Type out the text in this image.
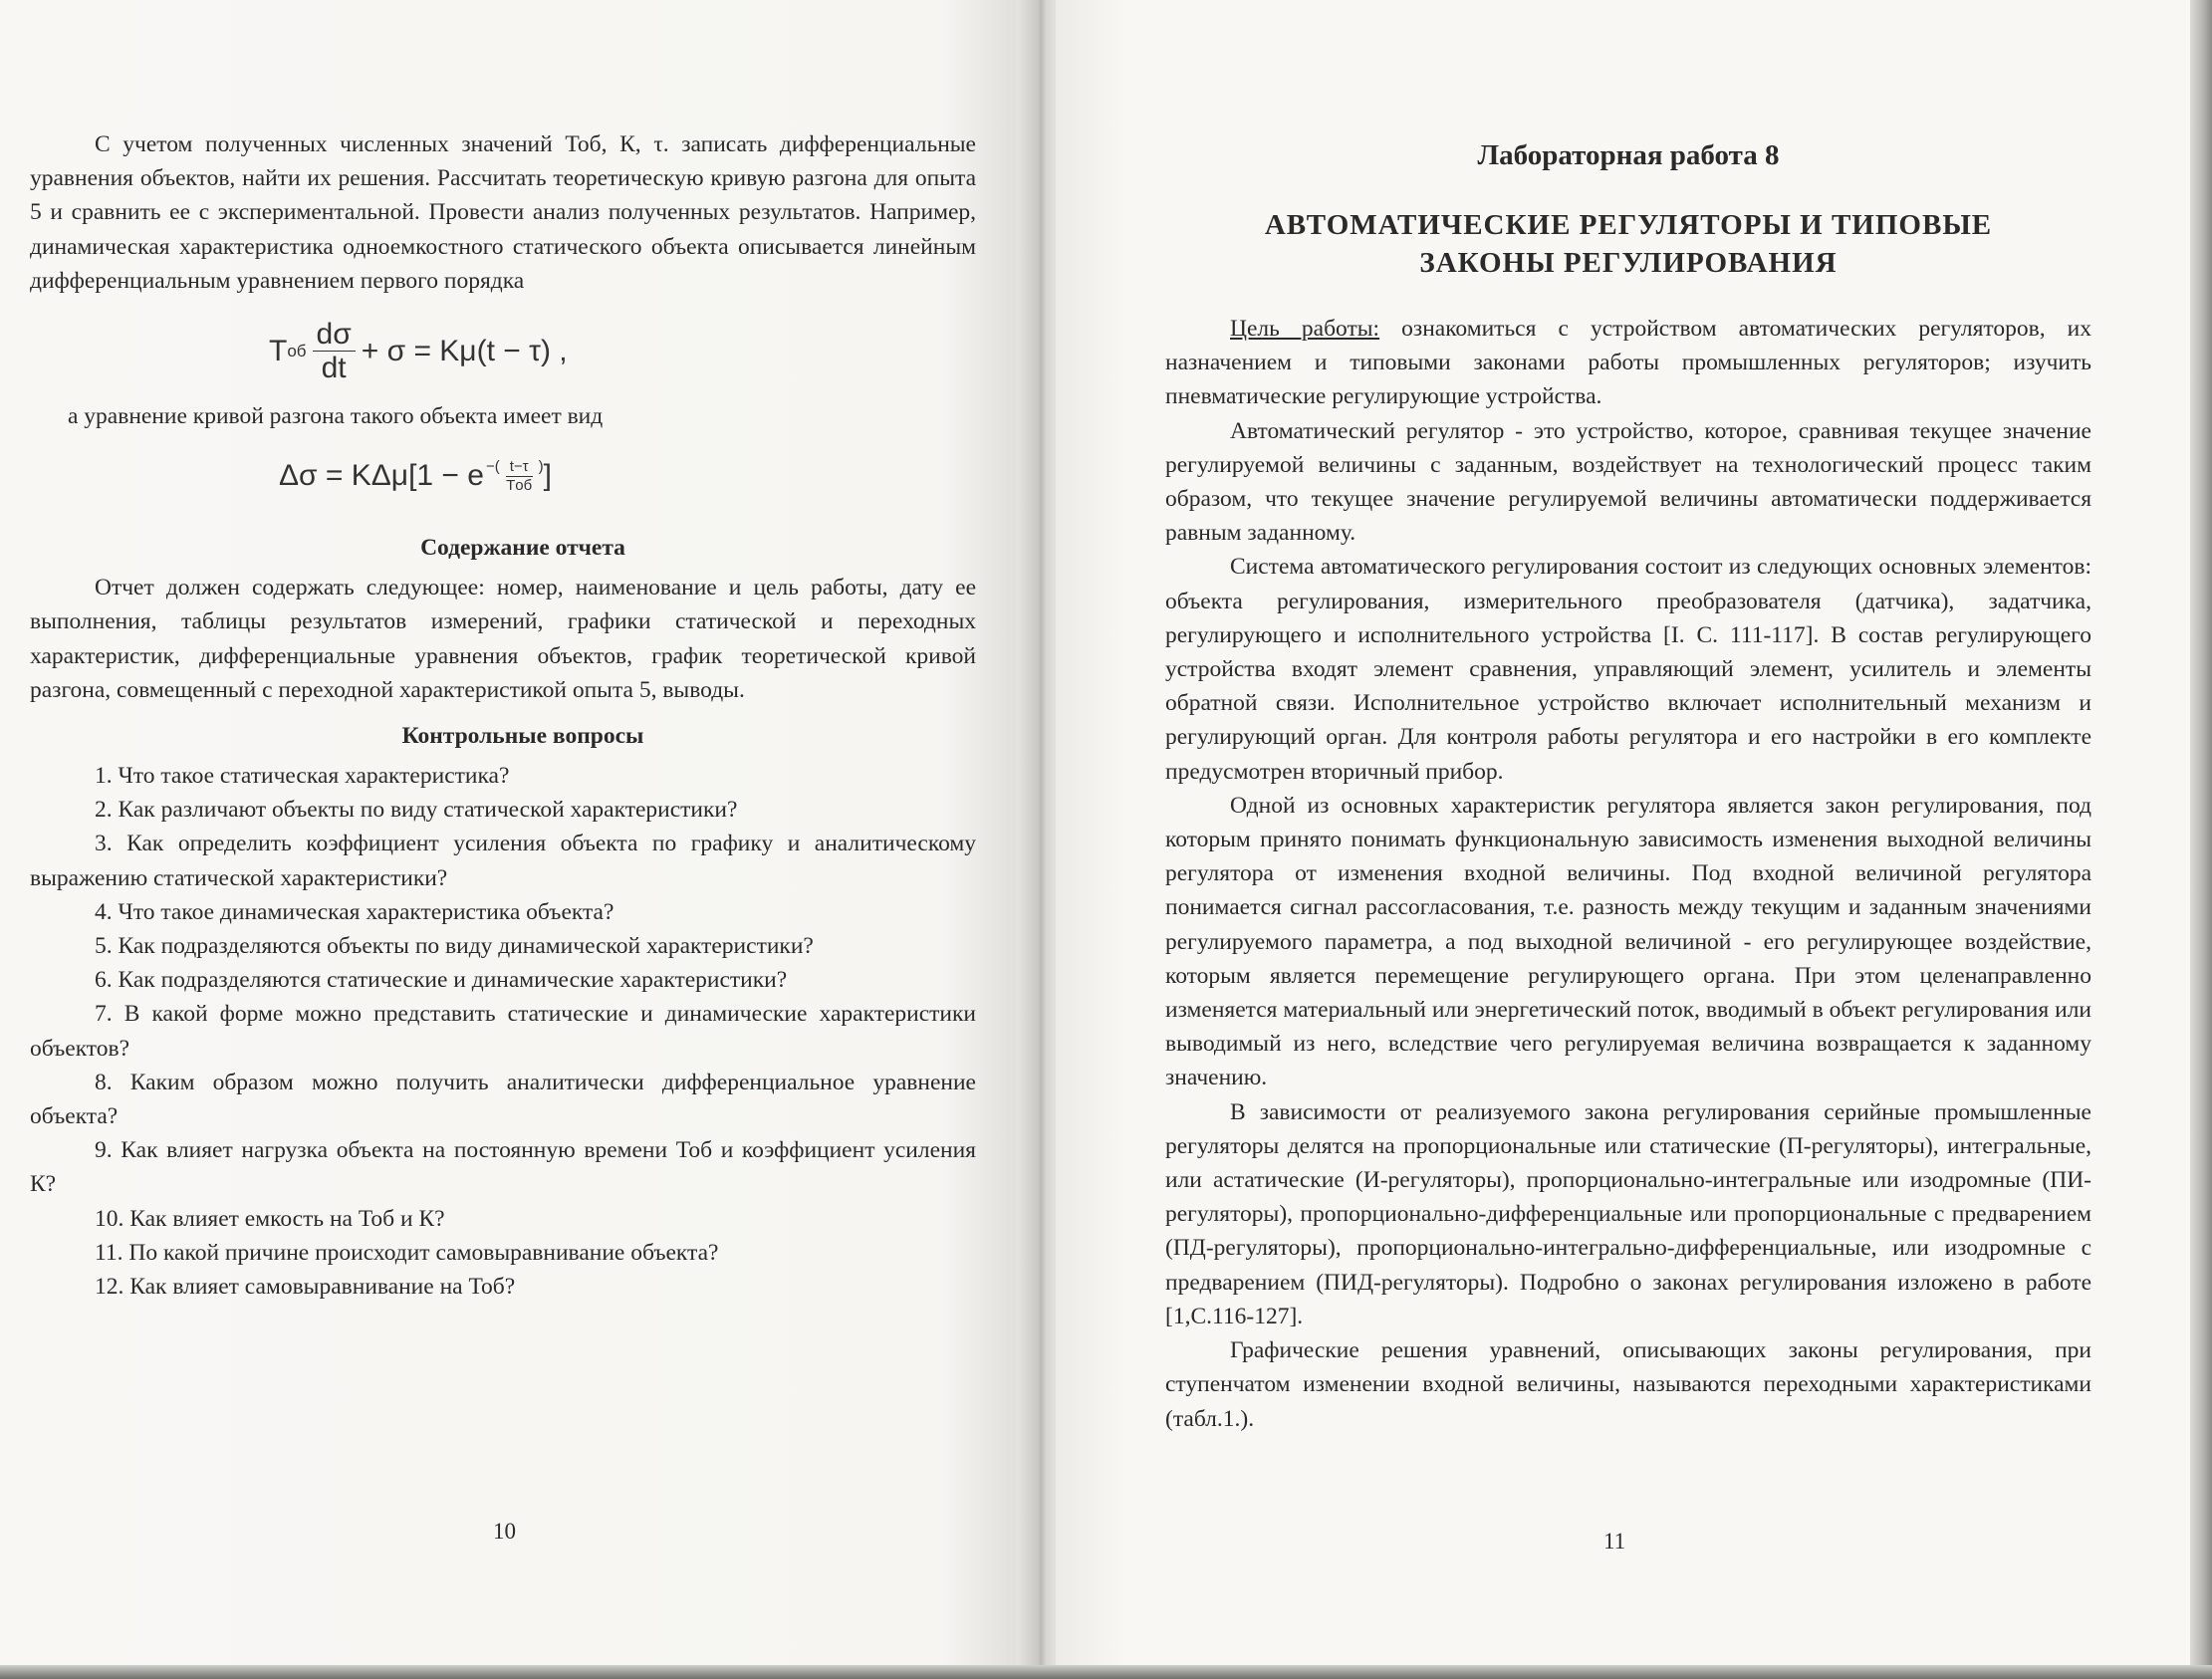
С учетом полученных численных значений Тоб, К, τ. записать дифференциальные уравнения объектов, найти их решения. Рассчитать теоретическую кривую разгона для опыта 5 и сравнить ее с экспериментальной. Провести анализ полученных результатов. Например, динамическая характеристика одноемкостного статического объекта описывается линейным дифференциальным уравнением первого порядка

T об $\frac{d\sigma}{dt} + \sigma = K\mu(t - \tau)$ ,

а уравнение кривой разгона такого объекта имеет вид

Δσ = KΔμ[1 − e −( $\frac{t-\tau}{\text{Tоб}}$ ) ]
Содержание отчета

Отчет должен содержать следующее: номер, наименование и цель работы, дату ее выполнения, таблицы результатов измерений, графики статической и переходных характеристик, дифференциальные уравнения объектов, график теоретической кривой разгона, совмещенный с переходной характеристикой опыта 5, выводы.

Контрольные вопросы

1. Что такое статическая характеристика?

2. Как различают объекты по виду статической характеристики?

3. Как определить коэффициент усиления объекта по графику и аналитическому выражению статической характеристики?

4. Что такое динамическая характеристика объекта?

5. Как подразделяются объекты по виду динамической характеристики?

6. Как подразделяются статические и динамические характеристики?

7. В какой форме можно представить статические и динамические характеристики объектов?

8. Каким образом можно получить аналитически дифференциальное уравнение объекта?

9. Как влияет нагрузка объекта на постоянную времени Тоб и коэффициент усиления К?

10. Как влияет емкость на Тоб и К?

11. По какой причине происходит самовыравнивание объекта?

12. Как влияет самовыравнивание на Тоб?

10
Лабораторная работа 8
АВТОМАТИЧЕСКИЕ РЕГУЛЯТОРЫ И ТИПОВЫЕ
ЗАКОНЫ РЕГУЛИРОВАНИЯ

Цель работы: ознакомиться с устройством автоматических регуляторов, их назначением и типовыми законами работы промышленных регуляторов; изучить пневматические регулирующие устройства.

Автоматический регулятор - это устройство, которое, сравнивая текущее значение регулируемой величины с заданным, воздействует на технологический процесс таким образом, что текущее значение регулируемой величины автоматически поддерживается равным заданному.

Система автоматического регулирования состоит из следующих основных элементов: объекта регулирования, измерительного преобразователя (датчика), задатчика, регулирующего и исполнительного устройства [I. С. 111-117]. В состав регулирующего устройства входят элемент сравнения, управляющий элемент, усилитель и элементы обратной связи. Исполнительное устройство включает исполнительный механизм и регулирующий орган. Для контроля работы регулятора и его настройки в его комплекте предусмотрен вторичный прибор.

Одной из основных характеристик регулятора является закон регулирования, под которым принято понимать функциональную зависимость изменения выходной величины регулятора от изменения входной величины. Под входной величиной регулятора понимается сигнал рассогласования, т.е. разность между текущим и заданным значениями регулируемого параметра, а под выходной величиной - его регулирующее воздействие, которым является перемещение регулирующего органа. При этом целенаправленно изменяется материальный или энергетический поток, вводимый в объект регулирования или выводимый из него, вследствие чего регулируемая величина возвращается к заданному значению.

В зависимости от реализуемого закона регулирования серийные промышленные регуляторы делятся на пропорциональные или статические (П-регуляторы), интегральные, или астатические (И-регуляторы), пропорционально-интегральные или изодромные (ПИ-регуляторы), пропорционально-дифференциальные или пропорциональные с предварением (ПД-регуляторы), пропорционально-интегрально-дифференциальные, или изодромные с предварением (ПИД-регуляторы). Подробно о законах регулирования изложено в работе [1,С.116-127].

Графические решения уравнений, описывающих законы регулирования, при ступенчатом изменении входной величины, называются переходными характеристиками (табл.1.).

11
